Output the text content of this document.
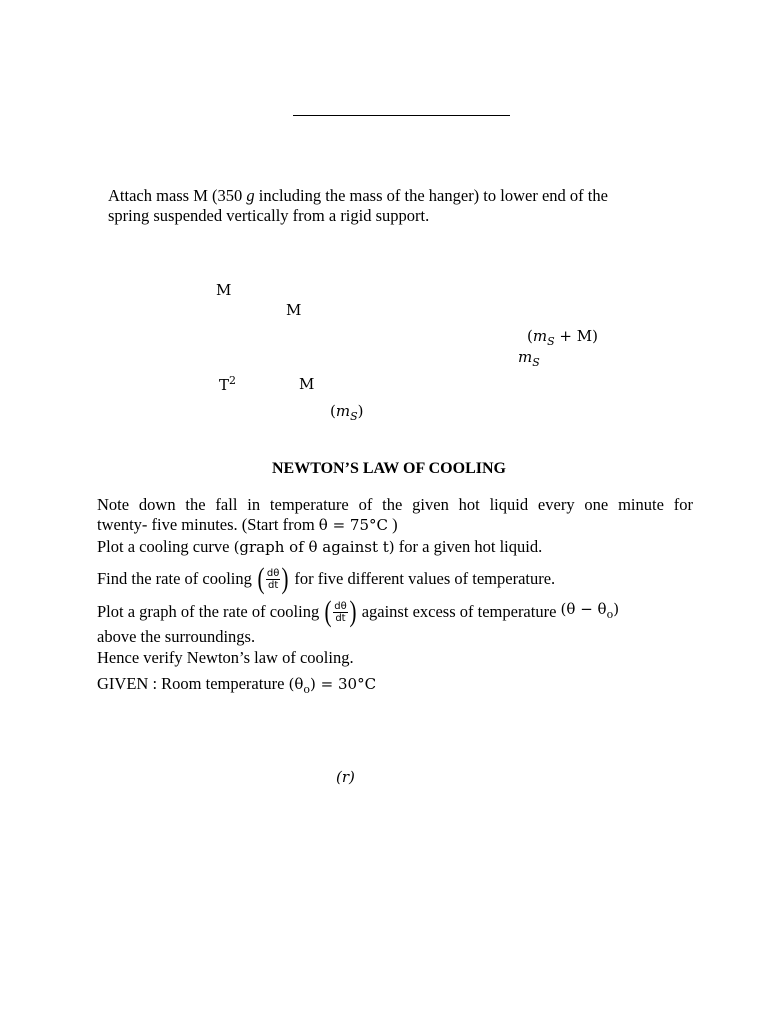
Attach mass M (350 g including the mass of the hanger) to lower end of the
spring suspended vertically from a rigid support.
M
M
$(m_S + M)$
$m_S$
$T^2$	M
$(m_S)$
NEWTON’S LAW OF COOLING
Note down the fall in temperature of the given hot liquid every one minute for
twenty- five minutes. (Start from θ = 75°C )
Plot a cooling curve (graph of θ against t) for a given hot liquid.
Find the rate of cooling ( $\frac{d\theta}{dt}$ ) for five different values of temperature.
Plot a graph of the rate of cooling ( $\frac{d\theta}{dt}$ ) against excess of temperature
$(\theta - \theta_o)$
above the surroundings.
Hence verify Newton’s law of cooling.
GIVEN : Room temperature $(\theta_o) = 30^\circ C$
(r)
